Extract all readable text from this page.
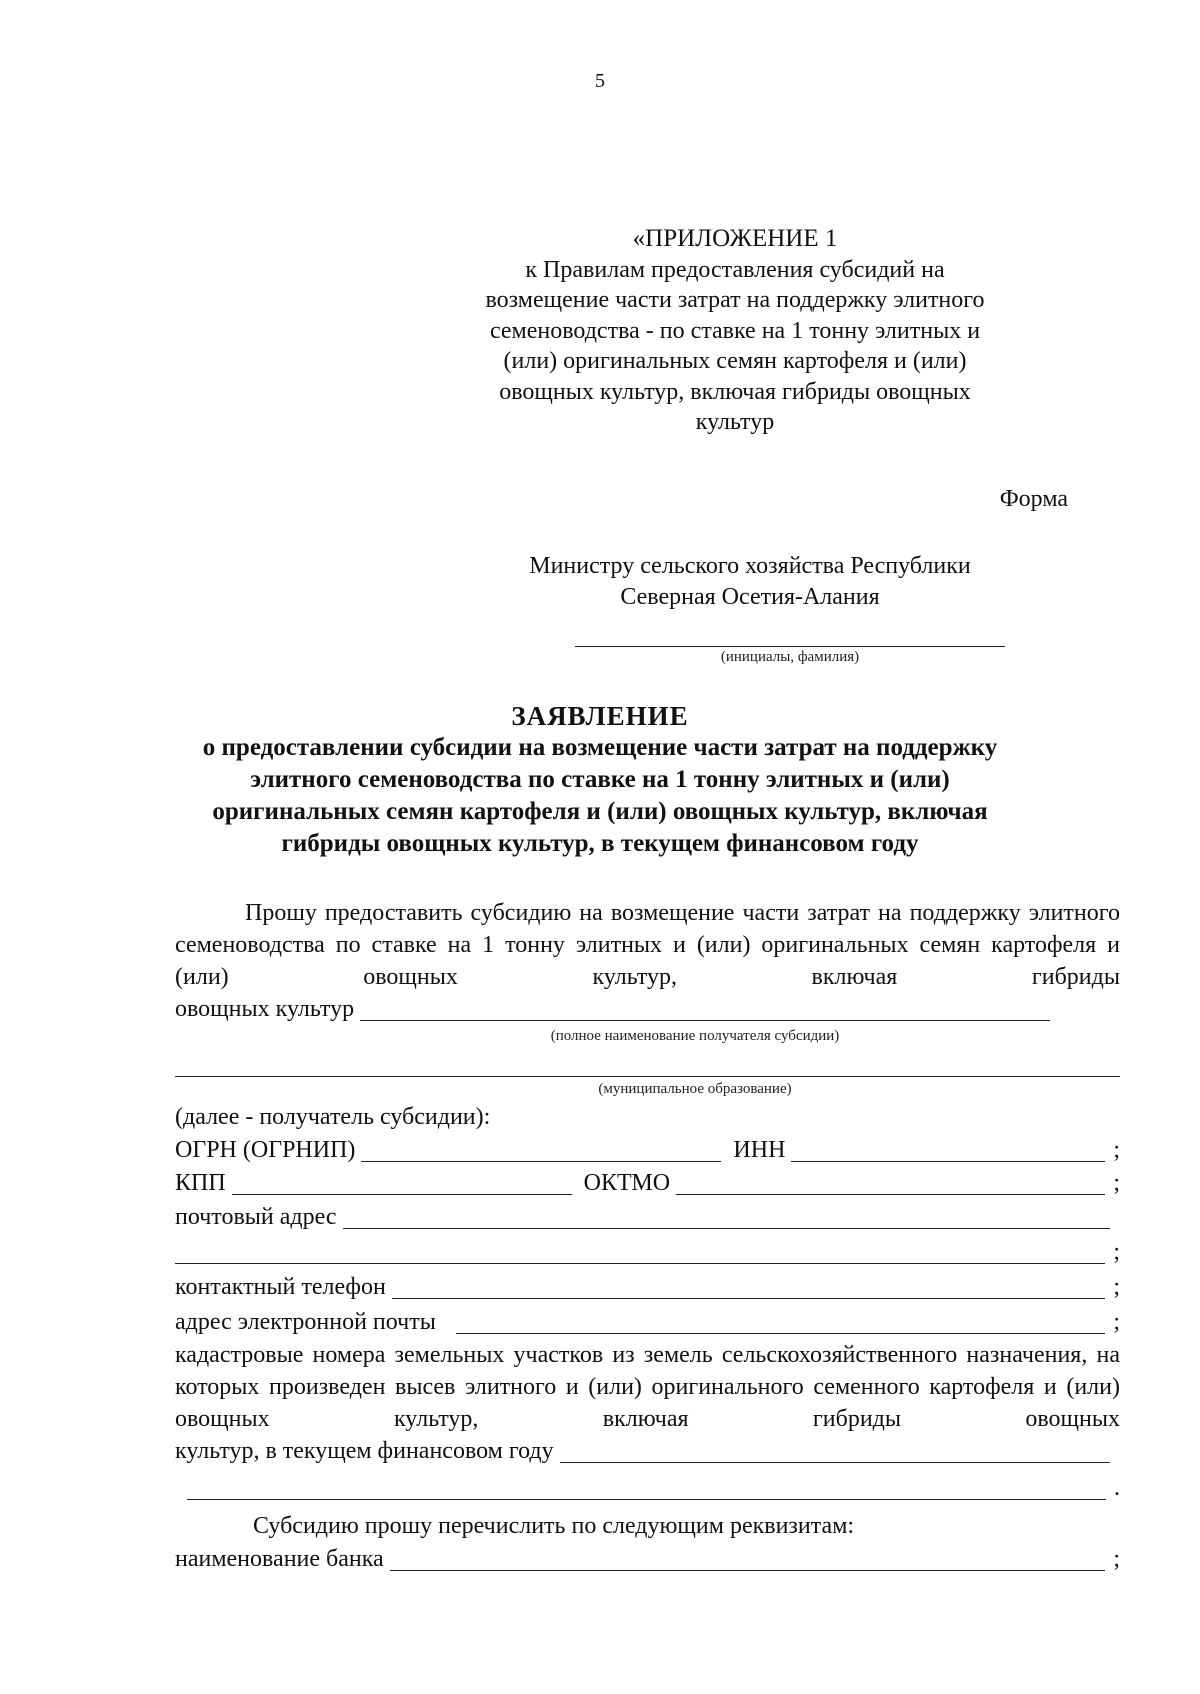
5
«ПРИЛОЖЕНИЕ 1
к Правилам предоставления субсидий на
возмещение части затрат на поддержку элитного
семеноводства - по ставке на 1 тонну элитных и
(или) оригинальных семян картофеля и (или)
овощных культур, включая гибриды овощных
культур
Форма
Министру сельского хозяйства Республики
Северная Осетия-Алания
(инициалы, фамилия)
ЗАЯВЛЕНИЕ
о предоставлении субсидии на возмещение части затрат на поддержку
элитного семеноводства по ставке на 1 тонну элитных и (или)
оригинальных семян картофеля и (или) овощных культур, включая
гибриды овощных культур, в текущем финансовом году

Прошу предоставить субсидию на возмещение части затрат на поддержку элитного семеноводства по ставке на 1 тонну элитных и (или) оригинальных семян картофеля и (или) овощных культур, включая гибриды

овощных культур
(полное наименование получателя субсидии)
(муниципальное образование)
(далее - получатель субсидии):
ОГРН (ОГРНИП)	ИНН	;
КПП	ОКТМО	;
почтовый адрес
;
контактный телефон	;
адрес электронной почты	;
кадастровые номера земельных участков из земель сельскохозяйственного назначения, на которых произведен высев элитного и (или) оригинального семенного картофеля и (или) овощных культур, включая гибриды овощных
культур, в текущем финансовом году
.
Субсидию прошу перечислить по следующим реквизитам:
наименование банка	;
